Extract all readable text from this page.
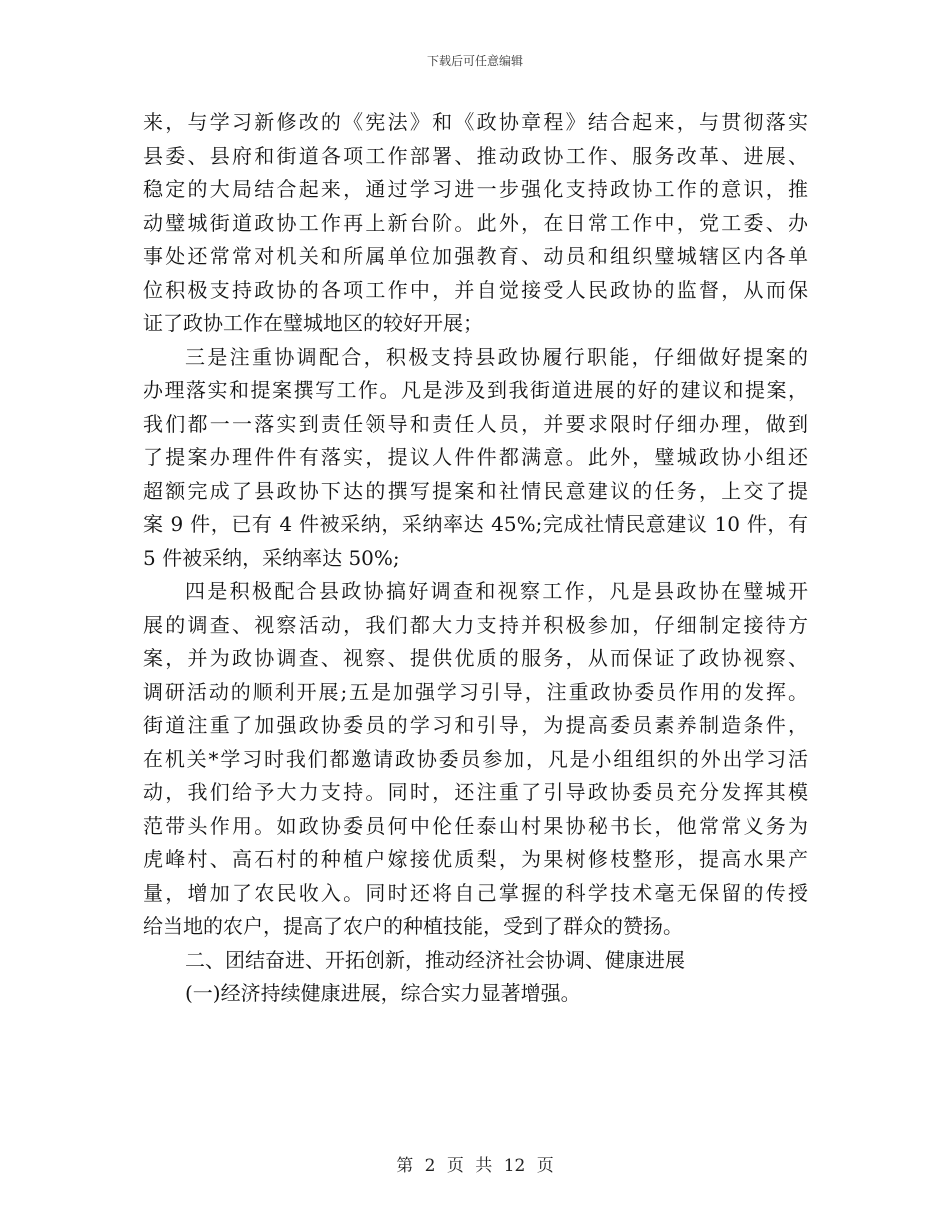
下载后可任意编辑
来，与学习新修改的《宪法》和《政协章程》结合起来，与贯彻落实
县委、县府和街道各项工作部署、推动政协工作、服务改革、进展、
稳定的大局结合起来，通过学习进一步强化支持政协工作的意识，推
动璧城街道政协工作再上新台阶。此外，在日常工作中，党工委、办
事处还常常对机关和所属单位加强教育、动员和组织璧城辖区内各单
位积极支持政协的各项工作中，并自觉接受人民政协的监督，从而保
证了政协工作在璧城地区的较好开展；
三是注重协调配合，积极支持县政协履行职能，仔细做好提案的
办理落实和提案撰写工作。凡是涉及到我街道进展的好的建议和提案，
我们都一一落实到责任领导和责任人员，并要求限时仔细办理，做到
了提案办理件件有落实，提议人件件都满意。此外，璧城政协小组还
超额完成了县政协下达的撰写提案和社情民意建议的任务，上交了提
案 9 件，已有 4 件被采纳，采纳率达 45%;完成社情民意建议 10 件，有
5 件被采纳，采纳率达 50%;
四是积极配合县政协搞好调查和视察工作，凡是县政协在璧城开
展的调查、视察活动，我们都大力支持并积极参加，仔细制定接待方
案，并为政协调查、视察、提供优质的服务，从而保证了政协视察、
调研活动的顺利开展;五是加强学习引导，注重政协委员作用的发挥。
街道注重了加强政协委员的学习和引导，为提高委员素养制造条件，
在机关*学习时我们都邀请政协委员参加，凡是小组组织的外出学习活
动，我们给予大力支持。同时，还注重了引导政协委员充分发挥其模
范带头作用。如政协委员何中伦任泰山村果协秘书长，他常常义务为
虎峰村、高石村的种植户嫁接优质梨，为果树修枝整形，提高水果产
量，增加了农民收入。同时还将自己掌握的科学技术毫无保留的传授
给当地的农户，提高了农户的种植技能，受到了群众的赞扬。
二、团结奋进、开拓创新，推动经济社会协调、健康进展
(一)经济持续健康进展，综合实力显著增强。
第 2 页 共 12 页
